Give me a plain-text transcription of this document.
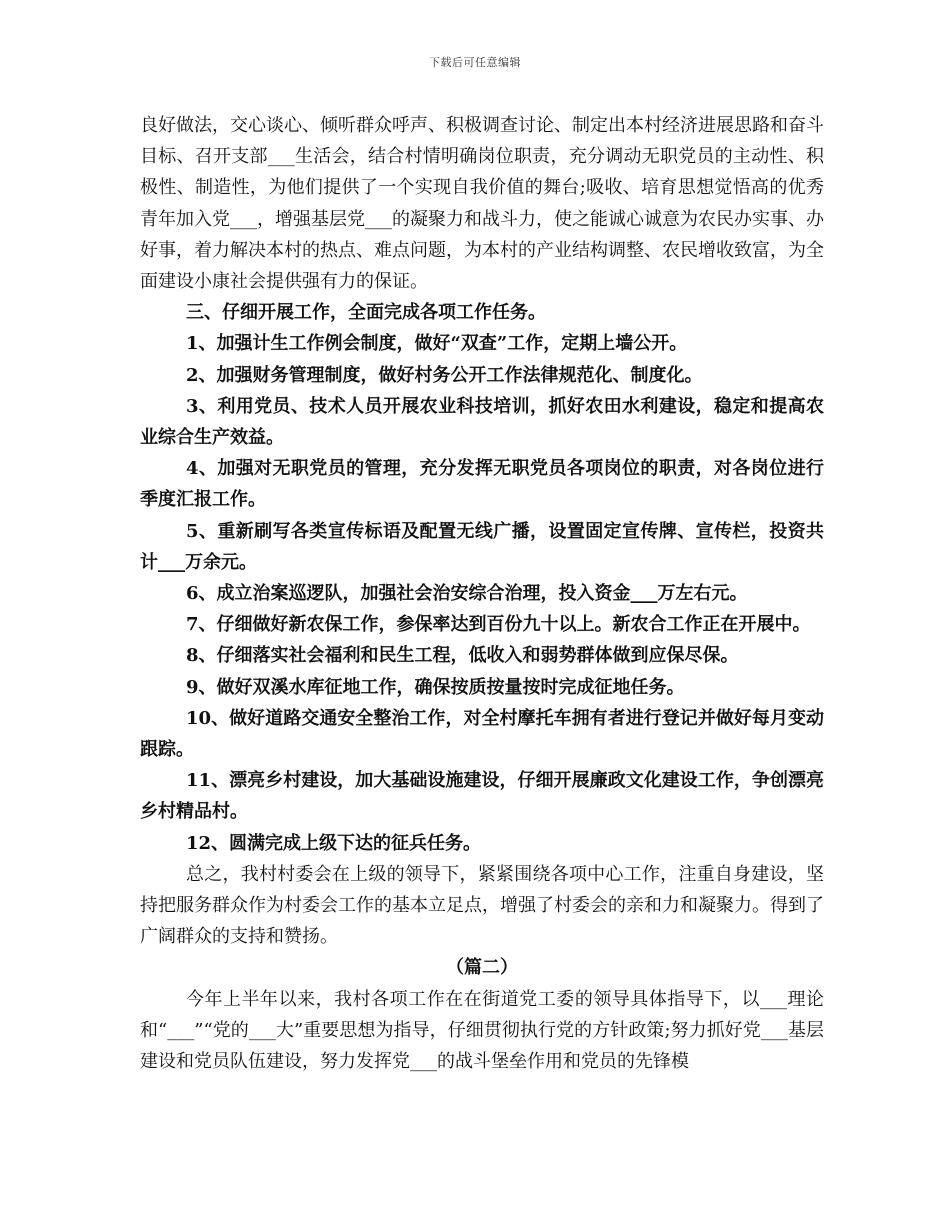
下载后可任意编辑

良好做法，交心谈心、倾听群众呼声、积极调查讨论、制定出本村经济进展思路和奋斗目标、召开支部___生活会，结合村情明确岗位职责，充分调动无职党员的主动性、积极性、制造性，为他们提供了一个实现自我价值的舞台;吸收、培育思想觉悟高的优秀青年加入党___，增强基层党___的凝聚力和战斗力，使之能诚心诚意为农民办实事、办好事，着力解决本村的热点、难点问题，为本村的产业结构调整、农民增收致富，为全面建设小康社会提供强有力的保证。

三、仔细开展工作，全面完成各项工作任务。

1、加强计生工作例会制度，做好“双查”工作，定期上墙公开。

2、加强财务管理制度，做好村务公开工作法律规范化、制度化。

3、利用党员、技术人员开展农业科技培训，抓好农田水利建设，稳定和提高农业综合生产效益。

4、加强对无职党员的管理，充分发挥无职党员各项岗位的职责，对各岗位进行季度汇报工作。

5、重新刷写各类宣传标语及配置无线广播，设置固定宣传牌、宣传栏，投资共计___万余元。

6、成立治案巡逻队，加强社会治安综合治理，投入资金___万左右元。

7、仔细做好新农保工作，参保率达到百份九十以上。新农合工作正在开展中。

8、仔细落实社会福利和民生工程，低收入和弱势群体做到应保尽保。

9、做好双溪水库征地工作，确保按质按量按时完成征地任务。

10、做好道路交通安全整治工作，对全村摩托车拥有者进行登记并做好每月变动跟踪。

11、漂亮乡村建设，加大基础设施建设，仔细开展廉政文化建设工作，争创漂亮乡村精品村。

12、圆满完成上级下达的征兵任务。

总之，我村村委会在上级的领导下，紧紧围绕各项中心工作，注重自身建设，坚持把服务群众作为村委会工作的基本立足点，增强了村委会的亲和力和凝聚力。得到了广阔群众的支持和赞扬。

（篇二）

今年上半年以来，我村各项工作在在街道党工委的领导具体指导下，以___理论和“___”“党的___大”重要思想为指导，仔细贯彻执行党的方针政策;努力抓好党___基层建设和党员队伍建设，努力发挥党___的战斗堡垒作用和党员的先锋模
